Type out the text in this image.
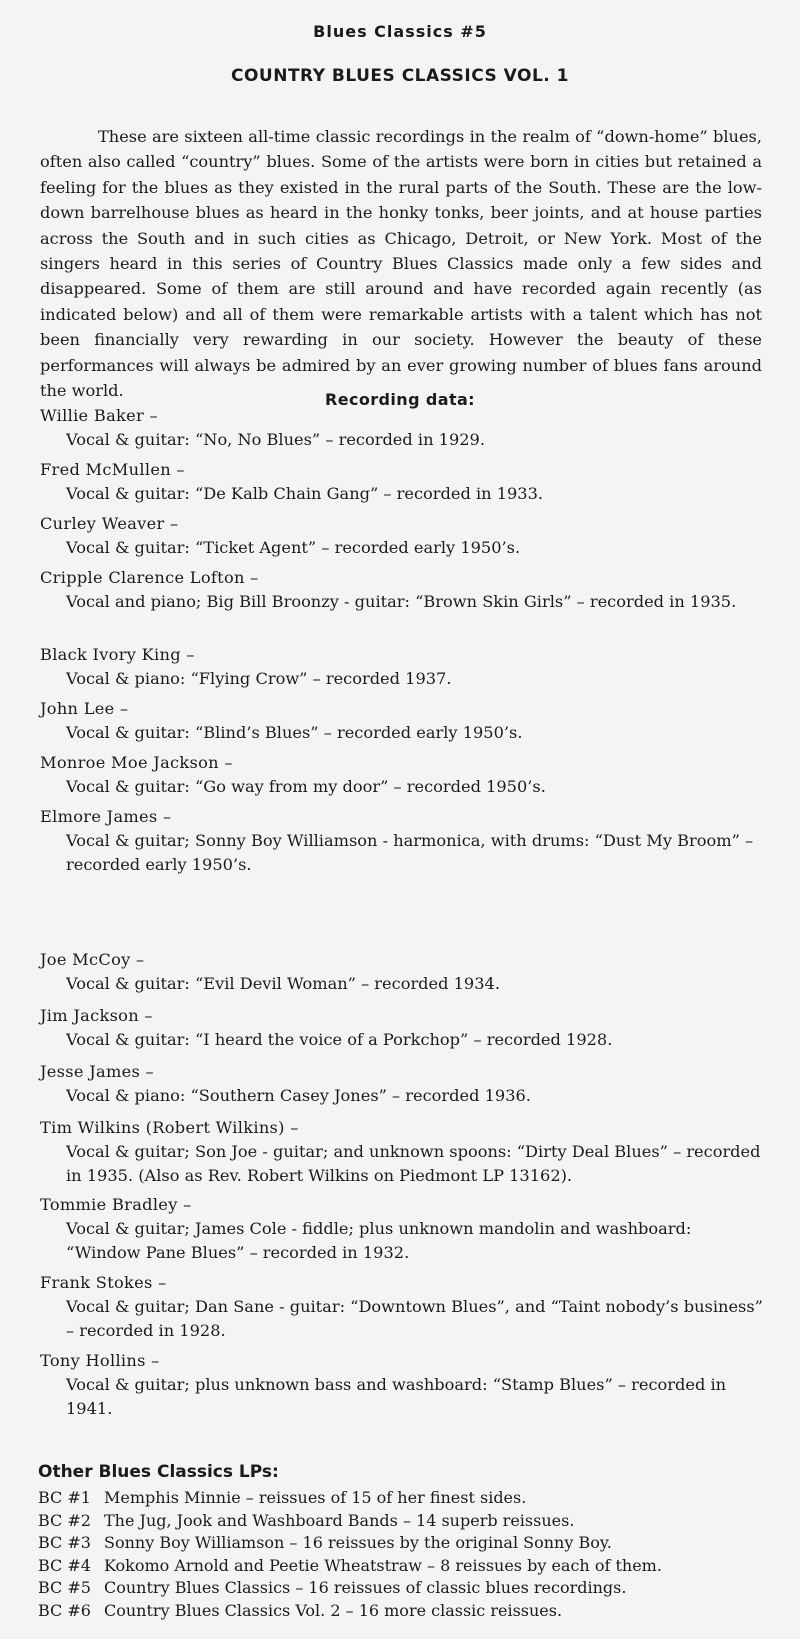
Blues Classics #5
COUNTRY BLUES CLASSICS VOL. 1

These are sixteen all-time classic recordings in the realm of “down-home” blues, often also called “country” blues. Some of the artists were born in cities but retained a feeling for the blues as they existed in the rural parts of the South. These are the low-down barrelhouse blues as heard in the honky tonks, beer joints, and at house parties across the South and in such cities as Chicago, Detroit, or New York. Most of the singers heard in this series of Country Blues Classics made only a few sides and disappeared. Some of them are still around and have recorded again recently (as indicated below) and all of them were remarkable artists with a talent which has not been financially very rewarding in our society. However the beauty of these performances will always be admired by an ever growing number of blues fans around the world.	Recording data:
Willie Baker –
Vocal & guitar: “No, No Blues” – recorded in 1929.
Fred McMullen –
Vocal & guitar: “De Kalb Chain Gang” – recorded in 1933.
Curley Weaver –
Vocal & guitar: “Ticket Agent” – recorded early 1950’s.
Cripple Clarence Lofton –
Vocal and piano; Big Bill Broonzy - guitar: “Brown Skin Girls” – recorded in 1935.
Black Ivory King –
Vocal & piano: “Flying Crow” – recorded 1937.
John Lee –
Vocal & guitar: “Blind’s Blues” – recorded early 1950’s.
Monroe Moe Jackson –
Vocal & guitar: “Go way from my door” – recorded 1950’s.
Elmore James –
Vocal & guitar; Sonny Boy Williamson - harmonica, with drums: “Dust My Broom” – recorded early 1950’s.
Joe McCoy –
Vocal & guitar: “Evil Devil Woman” – recorded 1934.
Jim Jackson –
Vocal & guitar: “I heard the voice of a Porkchop” – recorded 1928.
Jesse James –
Vocal & piano: “Southern Casey Jones” – recorded 1936.
Tim Wilkins (Robert Wilkins) –
Vocal & guitar; Son Joe - guitar; and unknown spoons: “Dirty Deal Blues” – recorded in 1935. (Also as Rev. Robert Wilkins on Piedmont LP 13162).
Tommie Bradley –
Vocal & guitar; James Cole - fiddle; plus unknown mandolin and washboard: “Window Pane Blues” – recorded in 1932.
Frank Stokes –
Vocal & guitar; Dan Sane - guitar: “Downtown Blues”, and “Taint nobody’s business” – recorded in 1928.
Tony Hollins –
Vocal & guitar; plus unknown bass and washboard: “Stamp Blues” – recorded in 1941.
Other Blues Classics LPs:
BC #1 Memphis Minnie – reissues of 15 of her finest sides.
BC #2 The Jug, Jook and Washboard Bands – 14 superb reissues.
BC #3 Sonny Boy Williamson – 16 reissues by the original Sonny Boy.
BC #4 Kokomo Arnold and Peetie Wheatstraw – 8 reissues by each of them.
BC #5 Country Blues Classics – 16 reissues of classic blues recordings.
BC #6 Country Blues Classics Vol. 2 – 16 more classic reissues.
